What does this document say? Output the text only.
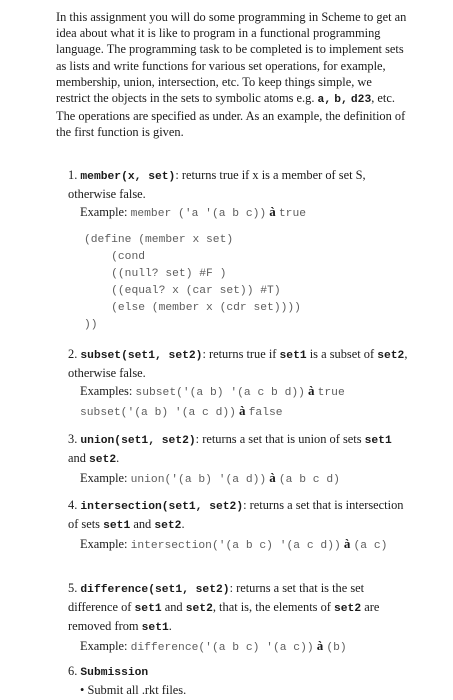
In this assignment you will do some programming in Scheme to get an idea about what it is like to program in a functional programming language. The programming task to be completed is to implement sets as lists and write functions for various set operations, for example, membership, union, intersection, etc. To keep things simple, we restrict the objects in the sets to symbolic atoms e.g. a, b, d23, etc. The operations are specified as under. As an example, the definition of the first function is given.

1. member(x, set): returns true if x is a member of set S, otherwise false.
Example: member ('a '(a b c)) à true
(define (member x set)
(cond
((null? set) #F )
((equal? x (car set)) #T)
(else (member x (cdr set))))
))
2. subset(set1, set2): returns true if set1 is a subset of set2, otherwise false.
Examples: subset('(a b) '(a c b d)) à true
subset('(a b) '(a c d)) à false
3. union(set1, set2): returns a set that is union of sets set1 and set2.
Example: union('(a b) '(a d)) à (a b c d)
4. intersection(set1, set2): returns a set that is intersection of sets set1 and set2.
Example: intersection('(a b c) '(a c d)) à (a c)
5. difference(set1, set2): returns a set that is the set difference of set1 and set2, that is, the elements of set2 are removed from set1.
Example: difference('(a b c) '(a c)) à (b)
6. Submission
• Submit all .rkt files.
